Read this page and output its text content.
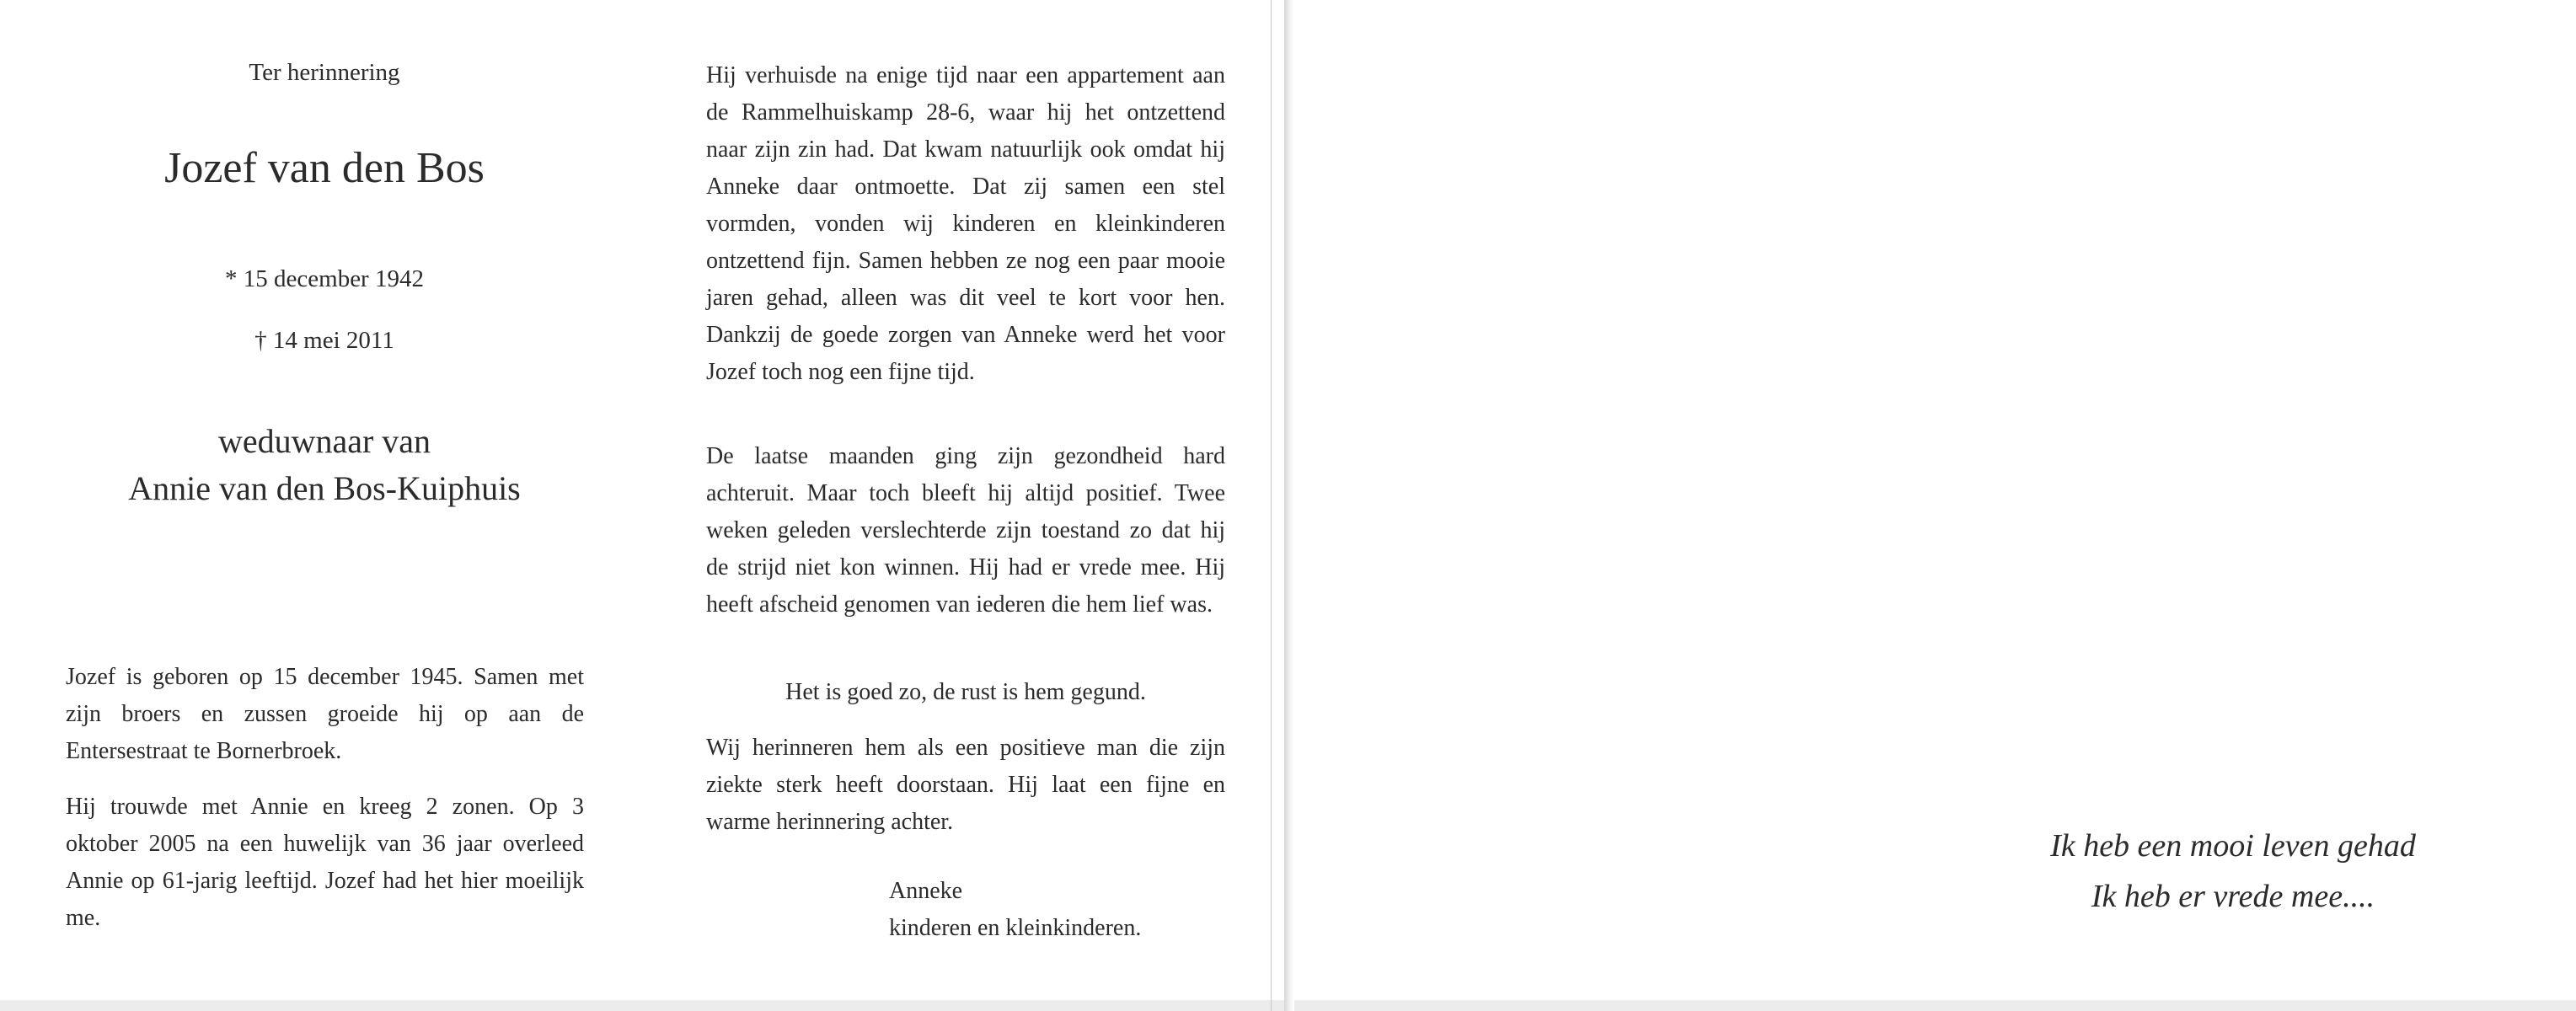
Ter herinnering
Jozef van den Bos
* 15 december 1942
† 14 mei 2011
weduwnaar van
Annie van den Bos-Kuiphuis

Jozef is geboren op 15 december 1945. Samen met zijn broers en zussen groeide hij op aan de Entersestraat te Bornerbroek.

Hij trouwde met Annie en kreeg 2 zonen. Op 3 oktober 2005 na een huwelijk van 36 jaar overleed Annie op 61-jarig leeftijd. Jozef had het hier moeilijk me.

Hij verhuisde na enige tijd naar een appartement aan de Rammelhuiskamp 28-6, waar hij het ontzettend naar zijn zin had. Dat kwam natuurlijk ook omdat hij Anneke daar ontmoette. Dat zij samen een stel vormden, vonden wij kinderen en kleinkinderen ontzettend fijn. Samen hebben ze nog een paar mooie jaren gehad, alleen was dit veel te kort voor hen. Dankzij de goede zorgen van Anneke werd het voor Jozef toch nog een fijne tijd.

De laatse maanden ging zijn gezondheid hard achteruit. Maar toch bleeft hij altijd positief. Twee weken geleden verslechterde zijn toestand zo dat hij de strijd niet kon winnen. Hij had er vrede mee. Hij heeft afscheid genomen van iederen die hem lief was.

Het is goed zo, de rust is hem gegund.

Wij herinneren hem als een positieve man die zijn ziekte sterk heeft doorstaan. Hij laat een fijne en warme herinnering achter.

Anneke
kinderen en kleinkinderen.
Ik heb een mooi leven gehad
Ik heb er vrede mee....
